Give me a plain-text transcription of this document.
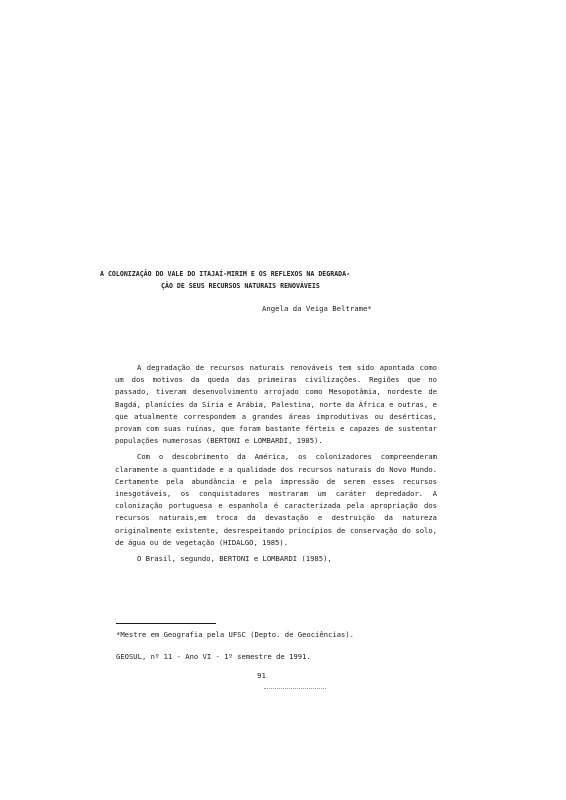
A COLONIZAÇÃO DO VALE DO ITAJAÍ-MIRIM E OS REFLEXOS NA DEGRADA-
ÇÃO DE SEUS RECURSOS NATURAIS RENOVÁVEIS
Angela da Veiga Beltrame*

A degradação de recursos naturais renováveis tem sido apontada como um dos motivos da queda das primeiras civilizações. Regiões que no passado, tiveram desenvolvimento arrojado como Mesopotâmia, nordeste de Bagdá, planícies da Síria e Arábia, Palestina, norte da África e outras, e que atualmente correspondem a grandes áreas improdutivas ou desérticas, provam com suas ruínas, que foram bastante férteis e capazes de sustentar populações numerosas (BERTONI e LOMBARDI, 1985).

Com o descobrimento da América, os colonizadores compreenderam claramente a quantidade e a qualidade dos recursos naturais do Novo Mundo. Certamente pela abundância e pela impressão de serem esses recursos inesgotáveis, os conquistadores mostraram um caráter depredador. A colonização portuguesa e espanhola é caracterizada pela apropriação dos recursos naturais,em troca da devastação e destruição da natureza originalmente existente, desrespeitando princípios de conservação do solo, de água ou de vegetação (HIDALGO, 1985).

O Brasil, segundo, BERTONI e LOMBARDI (1985),

*Mestre em Geografia pela UFSC (Depto. de Geociências).
GEOSUL, nº 11 - Ano VI - 1º semestre de 1991.
91
